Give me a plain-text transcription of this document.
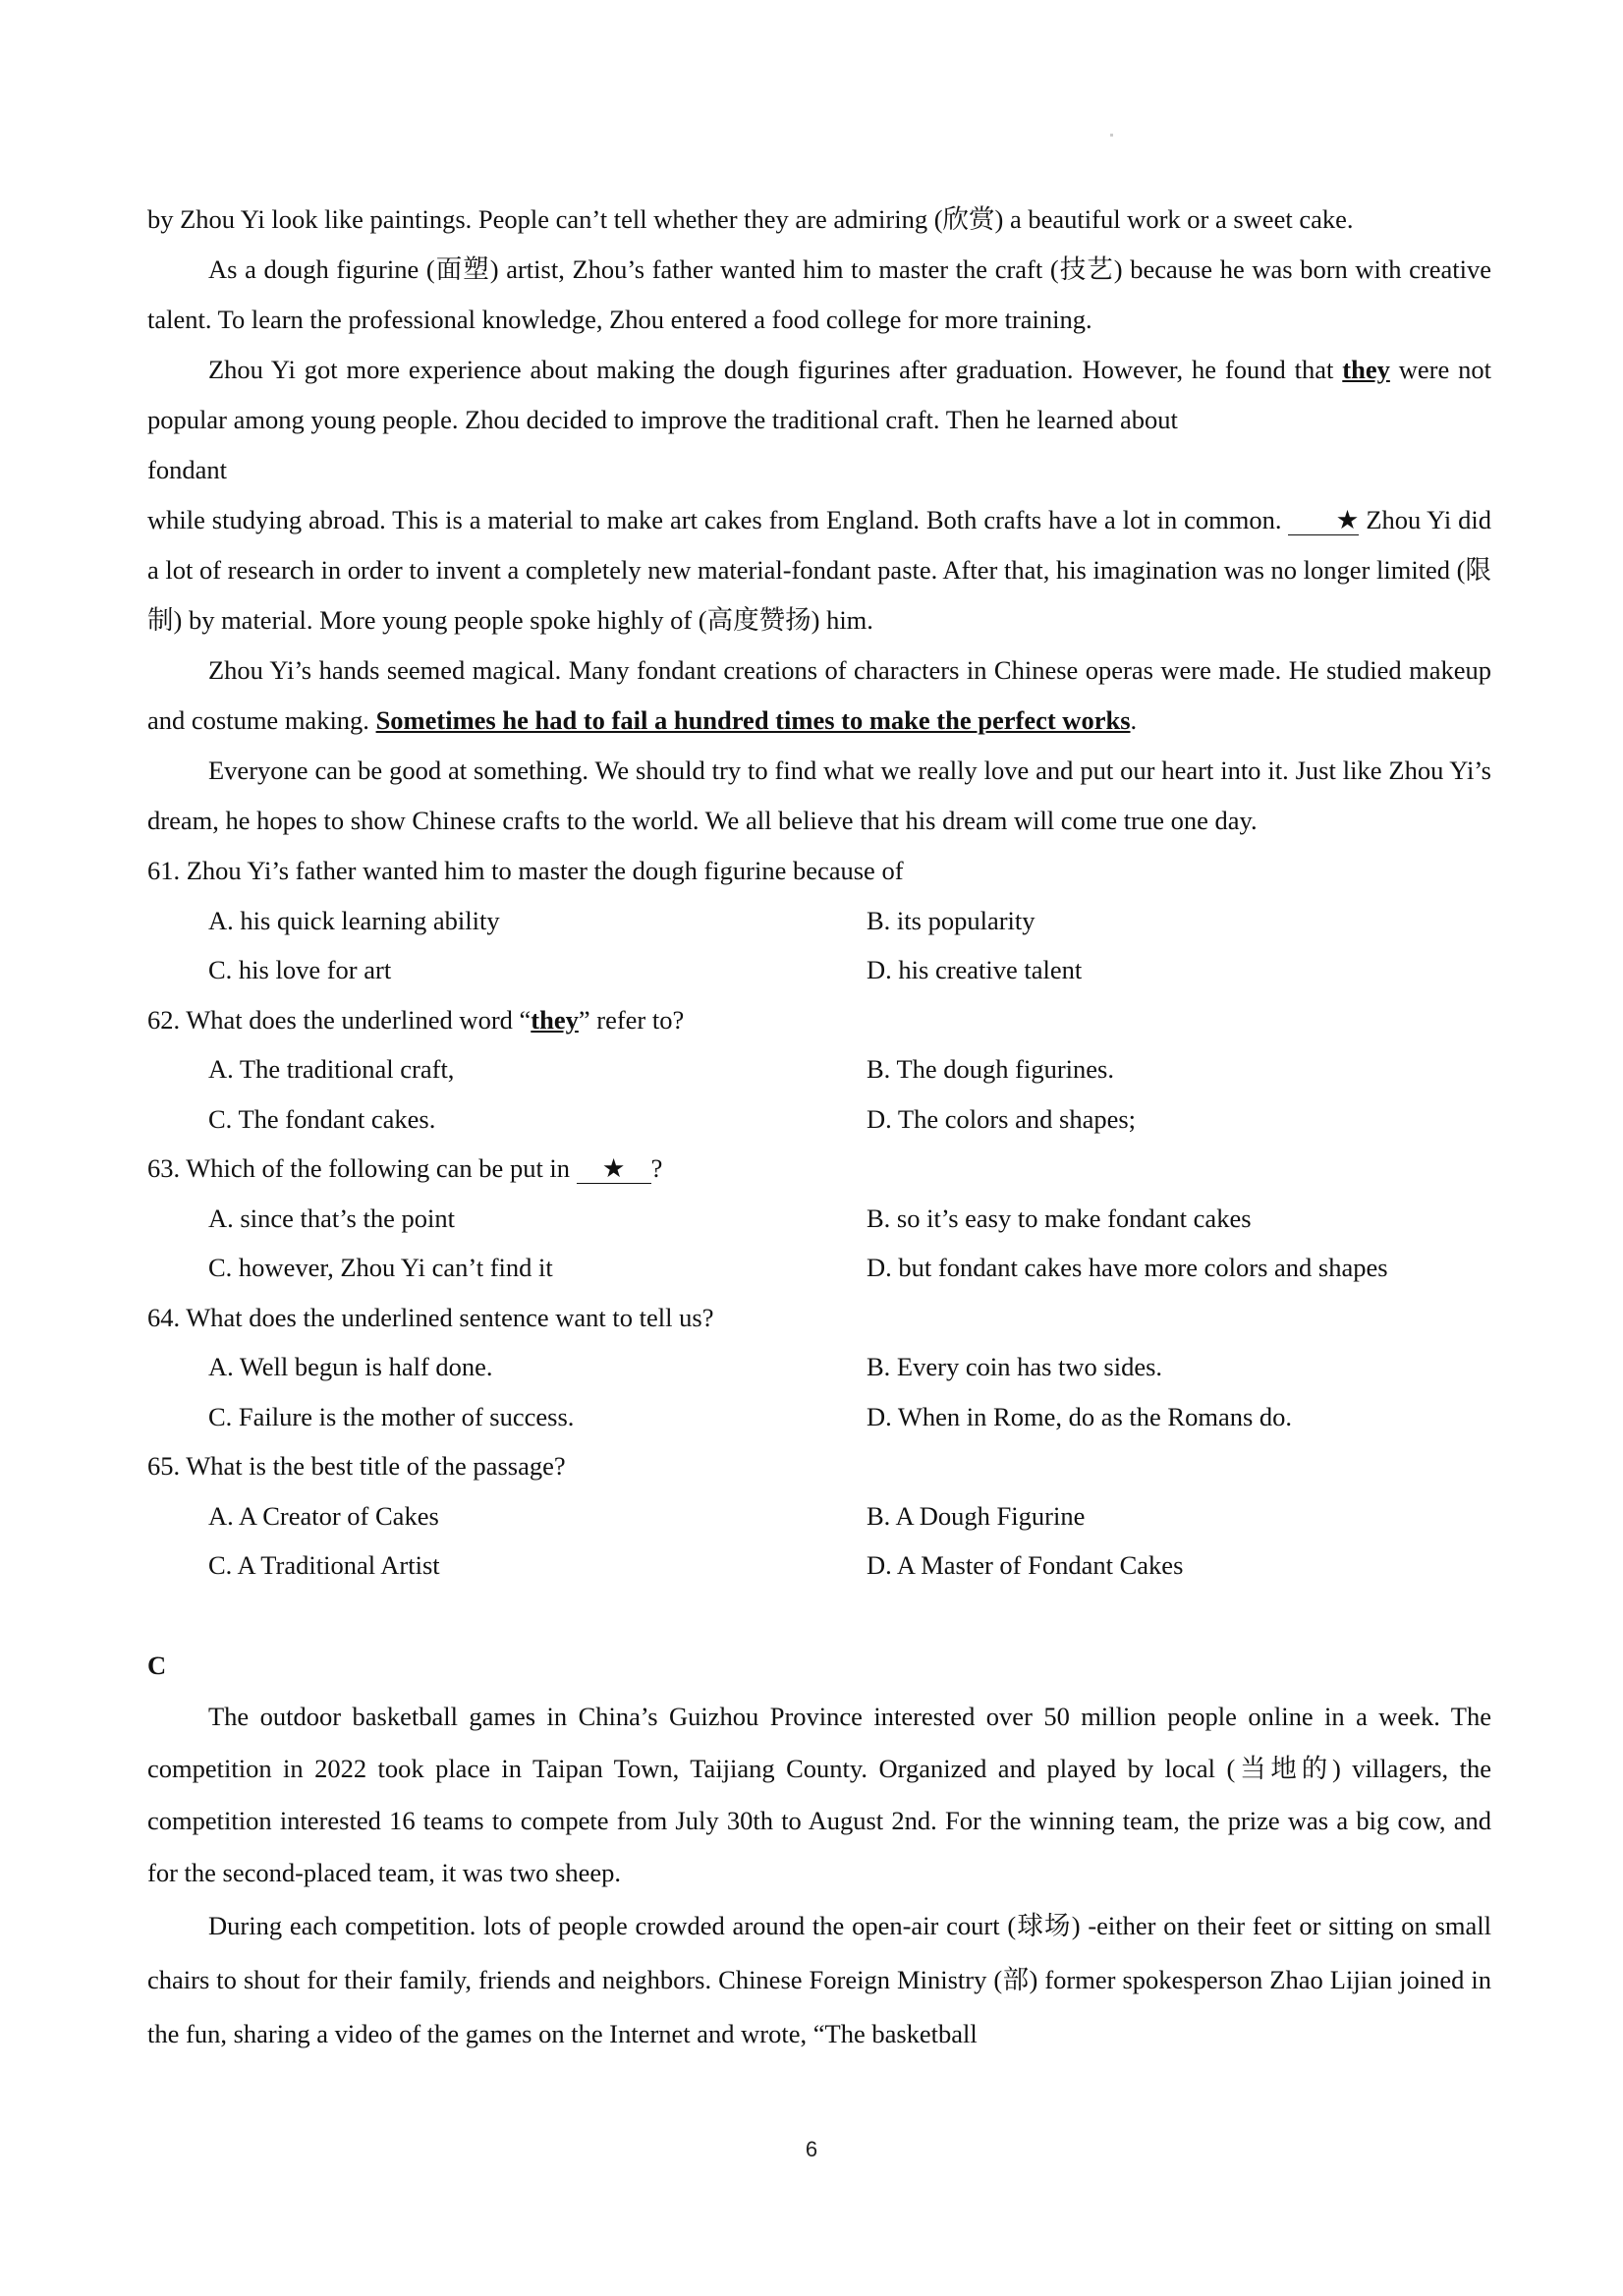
by Zhou Yi look like paintings. People can’t tell whether they are admiring (欣赏) a beautiful work or a sweet cake.

As a dough figurine (面塑) artist, Zhou’s father wanted him to master the craft (技艺) because he was born with creative talent. To learn the professional knowledge, Zhou entered a food college for more training.

Zhou Yi got more experience about making the dough figurines after graduation. However, he found that they were not popular among young people. Zhou decided to improve the traditional craft. Then he learned about

fondant

while studying abroad. This is a material to make art cakes from England. Both crafts have a lot in common. ★ Zhou Yi did a lot of research in order to invent a completely new material-fondant paste. After that, his imagination was no longer limited (限制) by material. More young people spoke highly of (高度赞扬) him.

Zhou Yi’s hands seemed magical. Many fondant creations of characters in Chinese operas were made. He studied makeup and costume making. Sometimes he had to fail a hundred times to make the perfect works.

Everyone can be good at something. We should try to find what we really love and put our heart into it. Just like Zhou Yi’s dream, he hopes to show Chinese crafts to the world. We all believe that his dream will come true one day.

61. Zhou Yi’s father wanted him to master the dough figurine because of

A. his quick learning ability	B. its popularity
C. his love for art	D. his creative talent

62. What does the underlined word “they” refer to?

A. The traditional craft,	B. The dough figurines.
C. The fondant cakes.	D. The colors and shapes;

63. Which of the following can be put in ★ ?

A. since that’s the point	B. so it’s easy to make fondant cakes
C. however, Zhou Yi can’t find it	D. but fondant cakes have more colors and shapes

64. What does the underlined sentence want to tell us?

A. Well begun is half done.	B. Every coin has two sides.
C. Failure is the mother of success.	D. When in Rome, do as the Romans do.

65. What is the best title of the passage?

A. A Creator of Cakes	B. A Dough Figurine
C. A Traditional Artist	D. A Master of Fondant Cakes

C

The outdoor basketball games in China’s Guizhou Province interested over 50 million people online in a week. The competition in 2022 took place in Taipan Town, Taijiang County. Organized and played by local (当地的) villagers, the competition interested 16 teams to compete from July 30th to August 2nd. For the winning team, the prize was a big cow, and for the second-placed team, it was two sheep.

During each competition. lots of people crowded around the open-air court (球场) -either on their feet or sitting on small chairs to shout for their family, friends and neighbors. Chinese Foreign Ministry (部) former spokesperson Zhao Lijian joined in the fun, sharing a video of the games on the Internet and wrote, “The basketball

6
